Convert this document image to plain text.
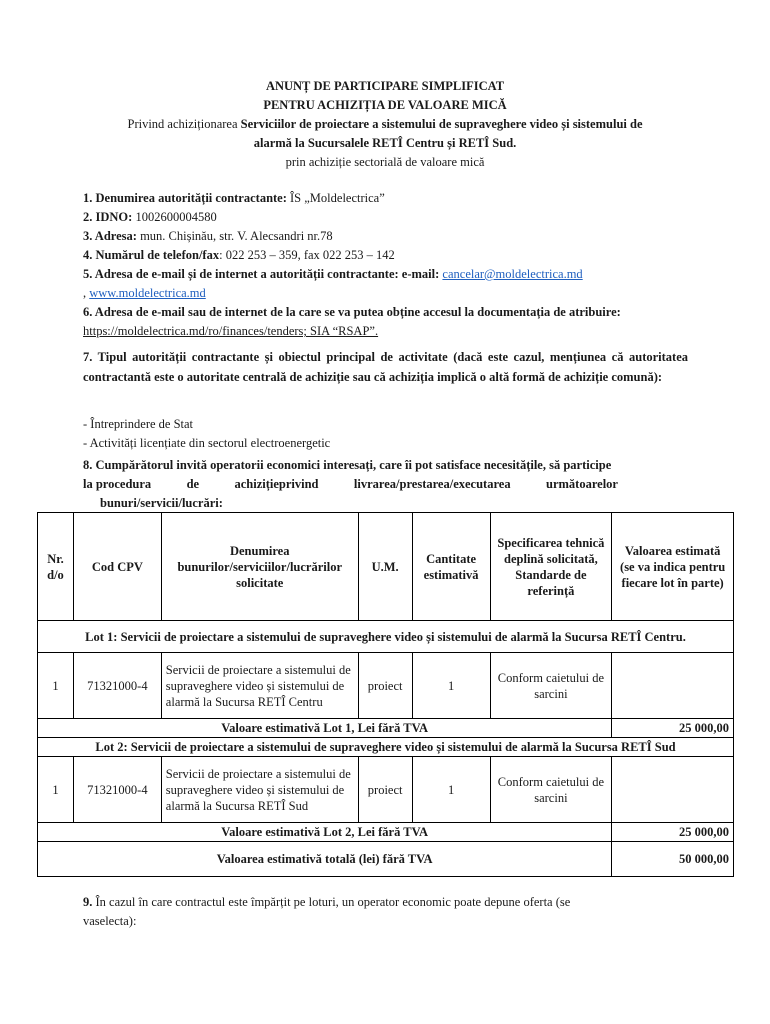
ANUNȚ DE PARTICIPARE SIMPLIFICAT
PENTRU ACHIZIȚIA DE VALOARE MICĂ
Privind achiziționarea Serviciilor de proiectare a sistemului de supraveghere video și sistemului de
alarmă la Sucursalele RETÎ Centru și RETÎ Sud.
prin achiziție sectorială de valoare mică
1. Denumirea autorității contractante: ÎS „Moldelectrica”
2. IDNO: 1002600004580
3. Adresa: mun. Chișinău, str. V. Alecsandri nr.78
4. Numărul de telefon/fax: 022 253 – 359, fax 022 253 – 142
5. Adresa de e-mail și de internet a autorității contractante: e-mail: cancelar@moldelectrica.md
, www.moldelectrica.md
6. Adresa de e-mail sau de internet de la care se va putea obține accesul la documentația de atribuire:
https://moldelectrica.md/ro/finances/tenders; SIA “RSAP”.
7. Tipul autorității contractante și obiectul principal de activitate (dacă este cazul, mențiunea că autoritatea contractantă este o autoritate centrală de achiziție sau că achiziția implică o altă formă de achiziție comună):
- Întreprindere de Stat
- Activități licențiate din sectorul electroenergetic
8. Cumpărătorul invită operatorii economici interesați, care îi pot satisface necesitățile, să participe
la procedura	de	achizițieprivind	livrarea/prestarea/executarea	următoarelor
bunuri/servicii/lucrări:
Nr. d/o	Cod CPV	Denumirea bunurilor/serviciilor/lucrărilor solicitate	U.M.	Cantitate estimativă	Specificarea tehnică deplină solicitată, Standarde de referință	Valoarea estimată (se va indica pentru fiecare lot în parte)
Lot 1: Servicii de proiectare a sistemului de supraveghere video și sistemului de alarmă la Sucursa RETÎ Centru.						
1	71321000-4	Servicii de proiectare a sistemului de supraveghere video și sistemului de alarmă la Sucursa RETÎ Centru	proiect	1	Conform caietului de sarcini	
Valoare estimativă Lot 1, Lei fără TVA						25 000,00
Lot 2: Servicii de proiectare a sistemului de supraveghere video și sistemului de alarmă la Sucursa RETÎ Sud						
1	71321000-4	Servicii de proiectare a sistemului de supraveghere video și sistemului de alarmă la Sucursa RETÎ Sud	proiect	1	Conform caietului de sarcini	
Valoare estimativă Lot 2, Lei fără TVA						25 000,00
Valoarea estimativă totală (lei) fără TVA						50 000,00
9. În cazul în care contractul este împărțit pe loturi, un operator economic poate depune oferta (se
vaselecta):
